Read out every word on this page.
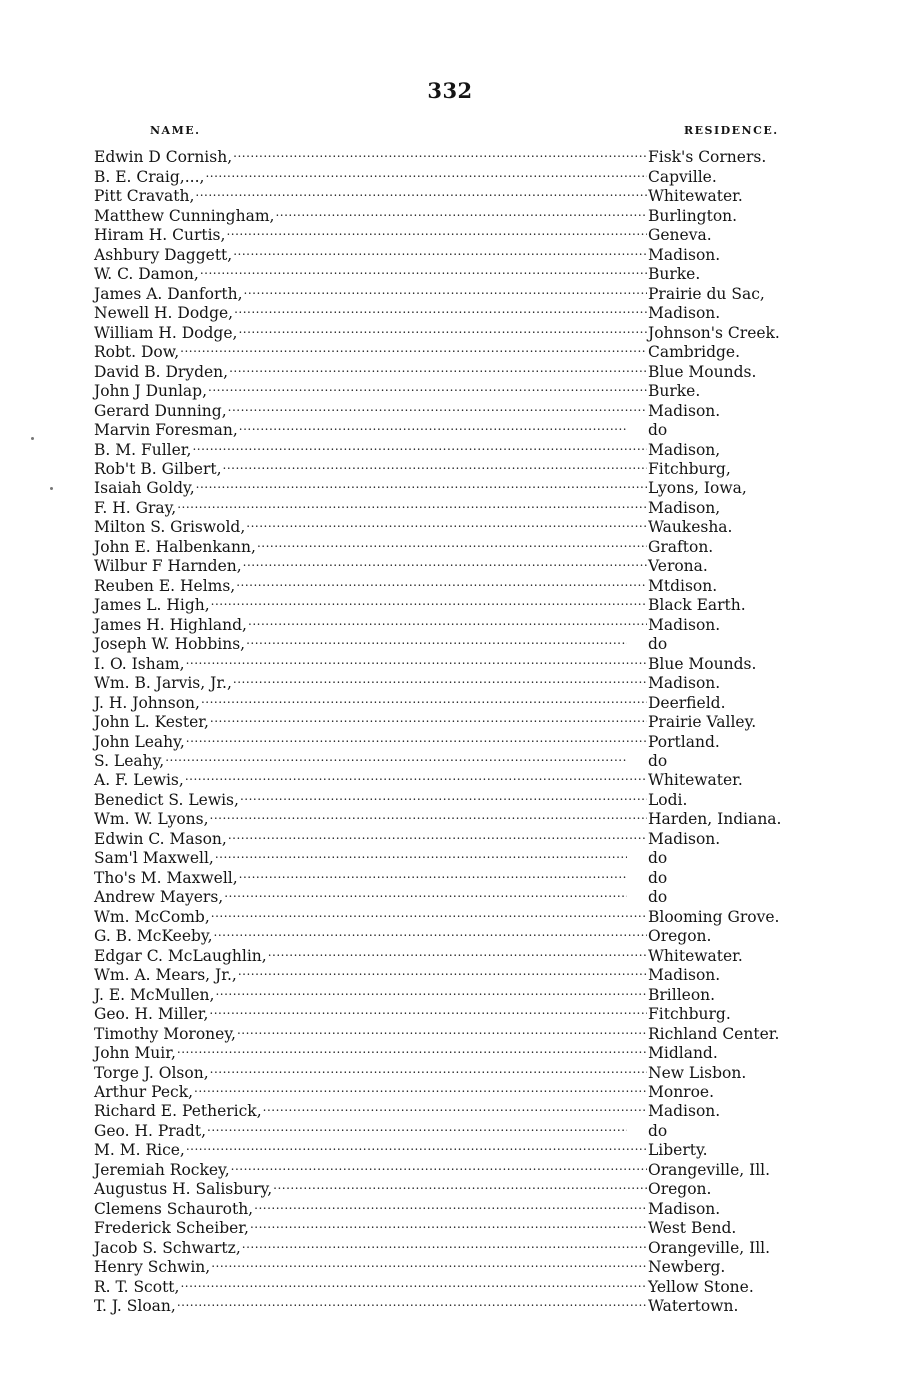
332
NAME.	RESIDENCE.
Edwin D Cornish, .....	Fisk's Corners.
B. E. Craig,..., .....	Capville.
Pitt Cravath, .....	Whitewater.
Matthew Cunningham, .....	Burlington.
Hiram H. Curtis, .....	Geneva.
Ashbury Daggett, .....	Madison.
W. C. Damon, .....	Burke.
James A. Danforth, .....	Prairie du Sac,
Newell H. Dodge, .....	Madison.
William H. Dodge, .....	Johnson's Creek.
Robt. Dow, .....	Cambridge.
David B. Dryden, .....	Blue Mounds.
John J Dunlap, .....	Burke.
Gerard Dunning, .....	Madison.
Marvin Foresman, .....	do
B. M. Fuller, .....	Madison,
Rob't B. Gilbert, .....	Fitchburg,
Isaiah Goldy, .....	Lyons, Iowa,
F. H. Gray, .....	Madison,
Milton S. Griswold, .....	Waukesha.
John E. Halbenkann, .....	Grafton.
Wilbur F Harnden, .....	Verona.
Reuben E. Helms, .....	Mtdison.
James L. High, .....	Black Earth.
James H. Highland, .....	Madison.
Joseph W. Hobbins, .....	do
I. O. Isham, .....	Blue Mounds.
Wm. B. Jarvis, Jr., .....	Madison.
J. H. Johnson, .....	Deerfield.
John L. Kester, .....	Prairie Valley.
John Leahy, .....	Portland.
S. Leahy, .....	do
A. F. Lewis, .....	Whitewater.
Benedict S. Lewis, .....	Lodi.
Wm. W. Lyons, .....	Harden, Indiana.
Edwin C. Mason, .....	Madison.
Sam'l Maxwell, .....	do
Tho's M. Maxwell, .....	do
Andrew Mayers, .....	do
Wm. McComb, .....	Blooming Grove.
G. B. McKeeby, .....	Oregon.
Edgar C. McLaughlin, .....	Whitewater.
Wm. A. Mears, Jr., .....	Madison.
J. E. McMullen, .....	Brilleon.
Geo. H. Miller, .....	Fitchburg.
Timothy Moroney, .....	Richland Center.
John Muir, .....	Midland.
Torge J. Olson, .....	New Lisbon.
Arthur Peck, .....	Monroe.
Richard E. Petherick, .....	Madison.
Geo. H. Pradt, .....	do
M. M. Rice, .....	Liberty.
Jeremiah Rockey, .....	Orangeville, Ill.
Augustus H. Salisbury, .....	Oregon.
Clemens Schauroth, .....	Madison.
Frederick Scheiber, .....	West Bend.
Jacob S. Schwartz, .....	Orangeville, Ill.
Henry Schwin, .....	Newberg.
R. T. Scott, .....	Yellow Stone.
T. J. Sloan, .....	Watertown.
